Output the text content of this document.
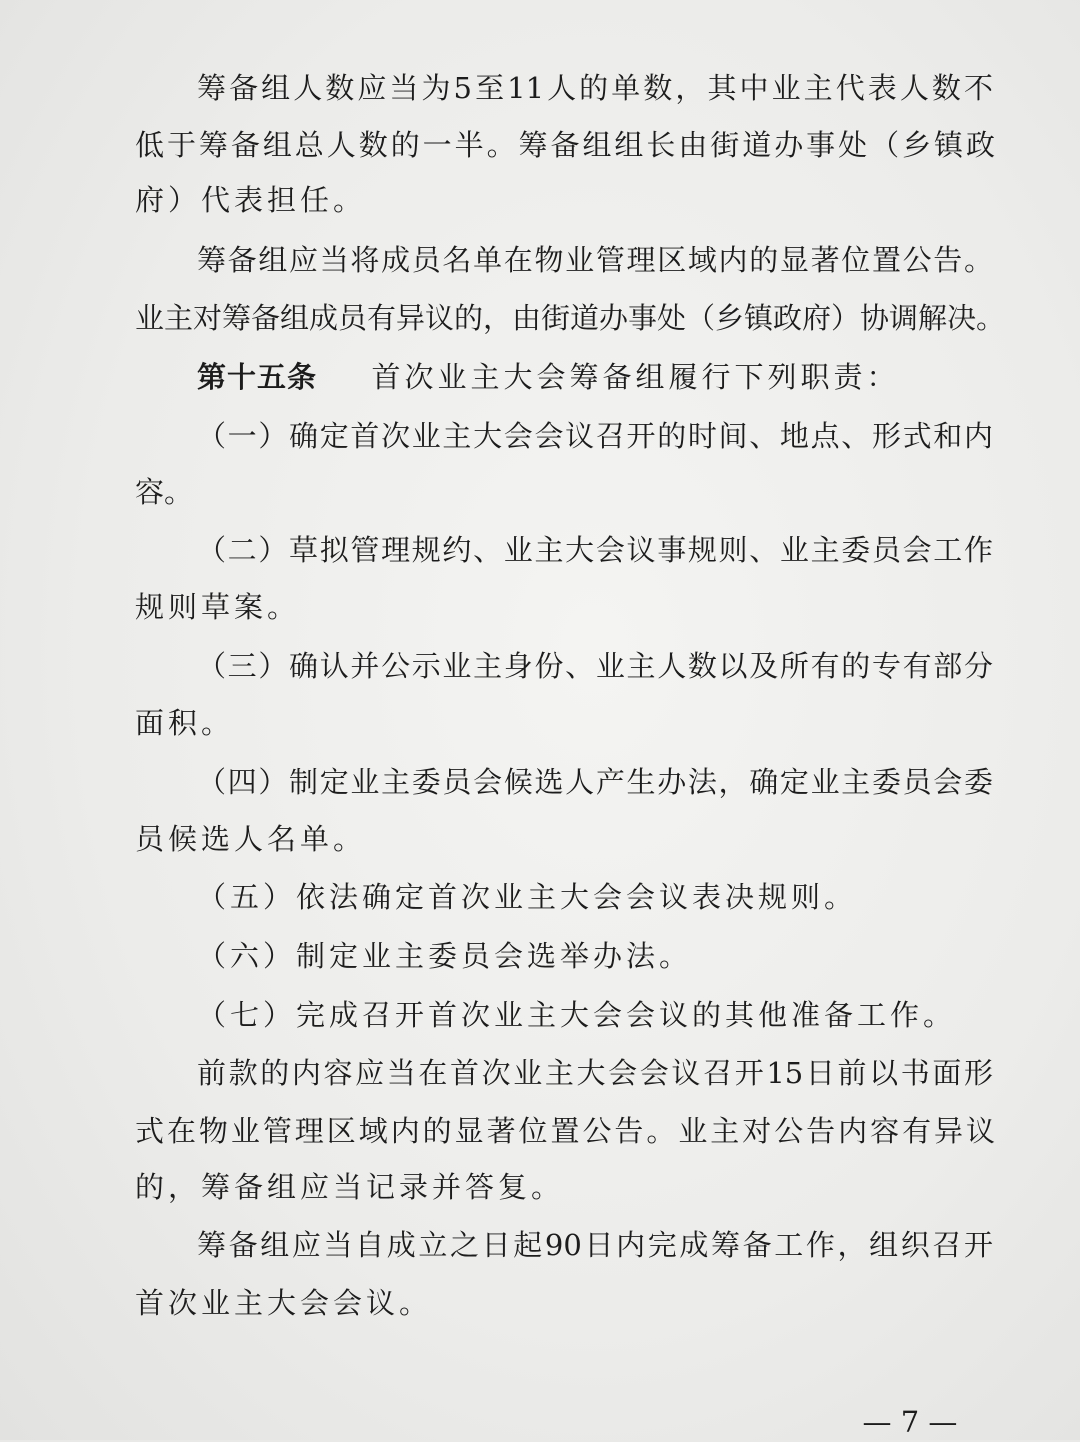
筹备组人数应当为5至11人的单数，其中业主代表人数不
低于筹备组总人数的一半。筹备组组长由街道办事处（乡镇政
府）代表担任。
筹备组应当将成员名单在物业管理区域内的显著位置公告。
业主对筹备组成员有异议的，由街道办事处（乡镇政府）协调解决。
第十五条 首次业主大会筹备组履行下列职责：
（一）确定首次业主大会会议召开的时间、地点、形式和内
容。
（二）草拟管理规约、业主大会议事规则、业主委员会工作
规则草案。
（三）确认并公示业主身份、业主人数以及所有的专有部分
面积。
（四）制定业主委员会候选人产生办法，确定业主委员会委
员候选人名单。
（五）依法确定首次业主大会会议表决规则。
（六）制定业主委员会选举办法。
（七）完成召开首次业主大会会议的其他准备工作。
前款的内容应当在首次业主大会会议召开15日前以书面形
式在物业管理区域内的显著位置公告。业主对公告内容有异议
的，筹备组应当记录并答复。
筹备组应当自成立之日起90日内完成筹备工作，组织召开
首次业主大会会议。
— 7 —
